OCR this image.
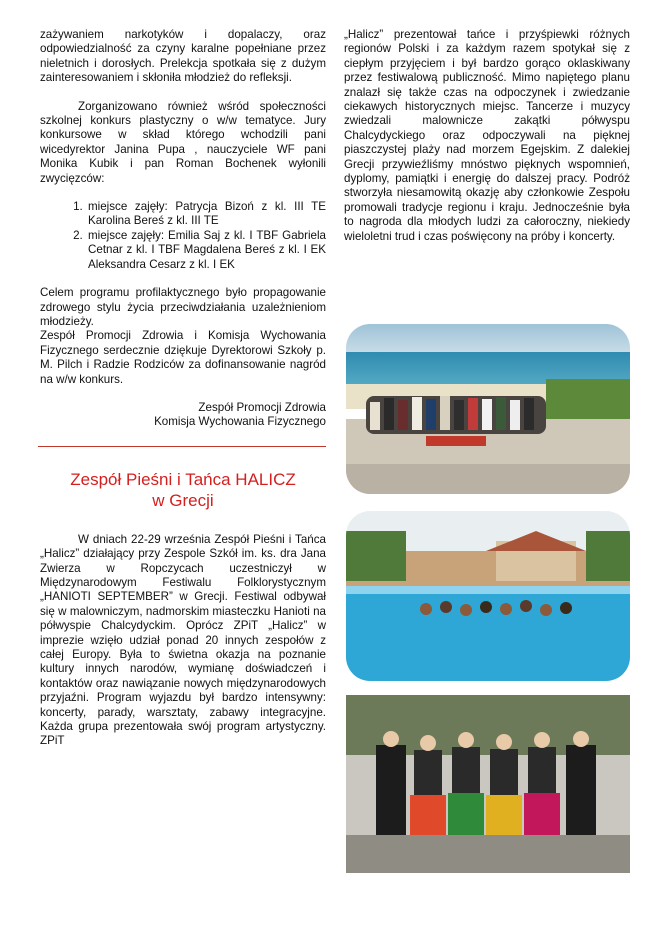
zażywaniem narkotyków i dopalaczy, oraz odpowiedzialność za czyny karalne popełniane przez nieletnich i dorosłych. Prelekcja spotkała się z dużym zainteresowaniem i skłoniła młodzież do refleksji.

Zorganizowano również wśród społeczności szkolnej konkurs plastyczny o w/w tematyce. Jury konkursowe w skład którego wchodzili pani wicedyrektor Janina Pupa , nauczyciele WF pani Monika Kubik i pan Roman Bochenek wyłonili zwycięzców:

1. miejsce zajęły: Patrycja Bizoń z kl. III TE Karolina Bereś z kl. III TE
2. miejsce zajęły: Emilia Saj z kl. I TBF Gabriela Cetnar z kl. I TBF Magdalena Bereś z kl. I EK Aleksandra Cesarz z kl. I EK

Celem programu profilaktycznego było propagowanie zdrowego stylu życia przeciwdziałania uzależnieniom młodzieży.

Zespół Promocji Zdrowia i Komisja Wychowania Fizycznego serdecznie dziękuje Dyrektorowi Szkoły p. M. Pilch i Radzie Rodziców za dofinansowanie nagród na w/w konkurs.

Zespół Promocji Zdrowia
Komisja Wychowania Fizycznego
Zespół Pieśni i Tańca HALICZ
w Grecji

W dniach 22-29 września Zespół Pieśni i Tańca „Halicz” działający przy Zespole Szkół im. ks. dra Jana Zwierza w Ropczycach uczestniczył w Międzynarodowym Festiwalu Folklorystycznym „HANIOTI SEPTEMBER” w Grecji. Festiwal odbywał się w malowniczym, nadmorskim miasteczku Hanioti na półwyspie Chalcydyckim. Oprócz ZPiT „Halicz” w imprezie wzięło udział ponad 20 innych zespołów z całej Europy. Była to świetna okazja na poznanie kultury innych narodów, wymianę doświadczeń i kontaktów oraz nawiązanie nowych międzynarodowych przyjaźni. Program wyjazdu był bardzo intensywny: koncerty, parady, warsztaty, zabawy integracyjne. Każda grupa prezentowała swój program artystyczny. ZPiT

„Halicz” prezentował tańce i przyśpiewki różnych regionów Polski i za każdym razem spotykał się z ciepłym przyjęciem i był bardzo gorąco oklaskiwany przez festiwalową publiczność. Mimo napiętego planu znalazł się także czas na odpoczynek i zwiedzanie ciekawych historycznych miejsc. Tancerze i muzycy zwiedzali malownicze zakątki półwyspu Chalcydyckiego oraz odpoczywali na pięknej piaszczystej plaży nad morzem Egejskim. Z dalekiej Grecji przywieźliśmy mnóstwo pięknych wspomnień, dyplomy, pamiątki i energię do dalszej pracy. Podróż stworzyła niesamowitą okazję aby członkowie Zespołu promowali tradycje regionu i kraju. Jednocześnie była to nagroda dla młodych ludzi za całoroczny, niekiedy wieloletni trud i czas poświęcony na próby i koncerty.
